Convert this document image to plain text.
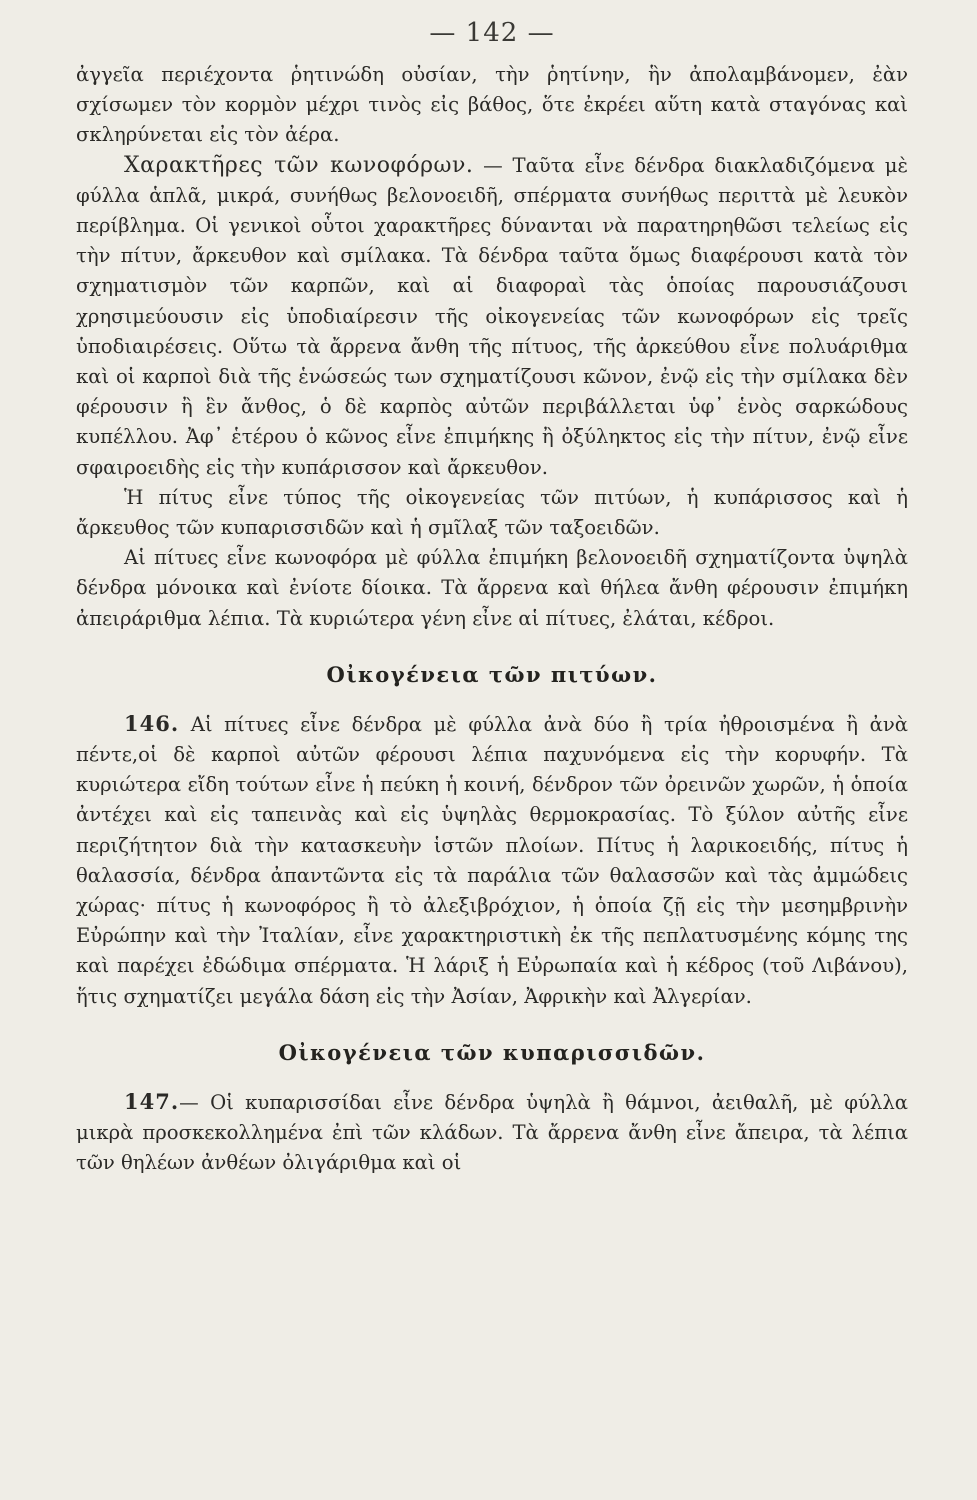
— 142 —

ἀγγεῖα περιέχοντα ῥητινώδη οὐσίαν, τὴν ῥητίνην, ἣν ἀπολαμβάνομεν, ἐὰν σχίσωμεν τὸν κορμὸν μέχρι τινὸς εἰς βάθος, ὅτε ἐκρέει αὕτη κατὰ σταγόνας καὶ σκληρύνεται εἰς τὸν ἀέρα.

Χαρακτῆρες τῶν κωνοφόρων. — Ταῦτα εἶνε δένδρα διακλαδιζόμενα μὲ φύλλα ἁπλᾶ, μικρά, συνήθως βελονοειδῆ, σπέρματα συνήθως περιττὰ μὲ λευκὸν περίβλημα. Οἱ γενικοὶ οὗτοι χαρακτῆρες δύνανται νὰ παρατηρηθῶσι τελείως εἰς τὴν πίτυν, ἄρκευθον καὶ σμίλακα. Τὰ δένδρα ταῦτα ὅμως διαφέρουσι κατὰ τὸν σχηματισμὸν τῶν καρπῶν, καὶ αἱ διαφοραὶ τὰς ὁποίας παρουσιάζουσι χρησιμεύουσιν εἰς ὑποδιαίρεσιν τῆς οἰκογενείας τῶν κωνοφόρων εἰς τρεῖς ὑποδιαιρέσεις. Οὕτω τὰ ἄρρενα ἄνθη τῆς πίτυος, τῆς ἀρκεύθου εἶνε πολυάριθμα καὶ οἱ καρποὶ διὰ τῆς ἑνώσεώς των σχηματίζουσι κῶνον, ἐνῷ εἰς τὴν σμίλακα δὲν φέρουσιν ἢ ἓν ἄνθος, ὁ δὲ καρπὸς αὐτῶν περιβάλλεται ὑφ᾿ ἑνὸς σαρκώδους κυπέλλου. Ἀφ᾿ ἑτέρου ὁ κῶνος εἶνε ἐπιμήκης ἢ ὀξύληκτος εἰς τὴν πίτυν, ἐνῷ εἶνε σφαιροειδὴς εἰς τὴν κυπάρισσον καὶ ἄρκευθον.

Ἡ πίτυς εἶνε τύπος τῆς οἰκογενείας τῶν πιτύων, ἡ κυπάρισσος καὶ ἡ ἄρκευθος τῶν κυπαρισσιδῶν καὶ ἡ σμῖλαξ τῶν ταξοειδῶν.

Αἱ πίτυες εἶνε κωνοφόρα μὲ φύλλα ἐπιμήκη βελονοειδῆ σχηματίζοντα ὑψηλὰ δένδρα μόνοικα καὶ ἐνίοτε δίοικα. Τὰ ἄρρενα καὶ θήλεα ἄνθη φέρουσιν ἐπιμήκη ἀπειράριθμα λέπια. Τὰ κυριώτερα γένη εἶνε αἱ πίτυες, ἐλάται, κέδροι.

Οἰκογένεια τῶν πιτύων.

146. Αἱ πίτυες εἶνε δένδρα μὲ φύλλα ἀνὰ δύο ἢ τρία ἠθροισμένα ἢ ἀνὰ πέντε,οἱ δὲ καρποὶ αὐτῶν φέρουσι λέπια παχυνόμενα εἰς τὴν κορυφήν. Τὰ κυριώτερα εἴδη τούτων εἶνε ἡ πεύκη ἡ κοινή, δένδρον τῶν ὀρεινῶν χωρῶν, ἡ ὁποία ἀντέχει καὶ εἰς ταπεινὰς καὶ εἰς ὑψηλὰς θερμοκρασίας. Τὸ ξύλον αὐτῆς εἶνε περιζήτητον διὰ τὴν κατασκευὴν ἱστῶν πλοίων. Πίτυς ἡ λαρικοειδής, πίτυς ἡ θαλασσία, δένδρα ἀπαντῶντα εἰς τὰ παράλια τῶν θαλασσῶν καὶ τὰς ἀμμώδεις χώρας· πίτυς ἡ κωνοφόρος ἢ τὸ ἀλεξιβρόχιον, ἡ ὁποία ζῇ εἰς τὴν μεσημβρινὴν Εὐρώπην καὶ τὴν Ἰταλίαν, εἶνε χαρακτηριστικὴ ἐκ τῆς πεπλατυσμένης κόμης της καὶ παρέχει ἐδώδιμα σπέρματα. Ἡ λάριξ ἡ Εὐρωπαία καὶ ἡ κέδρος (τοῦ Λιβάνου), ἥτις σχηματίζει μεγάλα δάση εἰς τὴν Ἀσίαν, Ἀφρικὴν καὶ Ἀλγερίαν.

Οἰκογένεια τῶν κυπαρισσιδῶν.

147.— Οἱ κυπαρισσίδαι εἶνε δένδρα ὑψηλὰ ἢ θάμνοι, ἀειθαλῆ, μὲ φύλλα μικρὰ προσκεκολλημένα ἐπὶ τῶν κλάδων. Τὰ ἄρρενα ἄνθη εἶνε ἄπειρα, τὰ λέπια τῶν θηλέων ἀνθέων ὀλιγάριθμα καὶ οἱ
